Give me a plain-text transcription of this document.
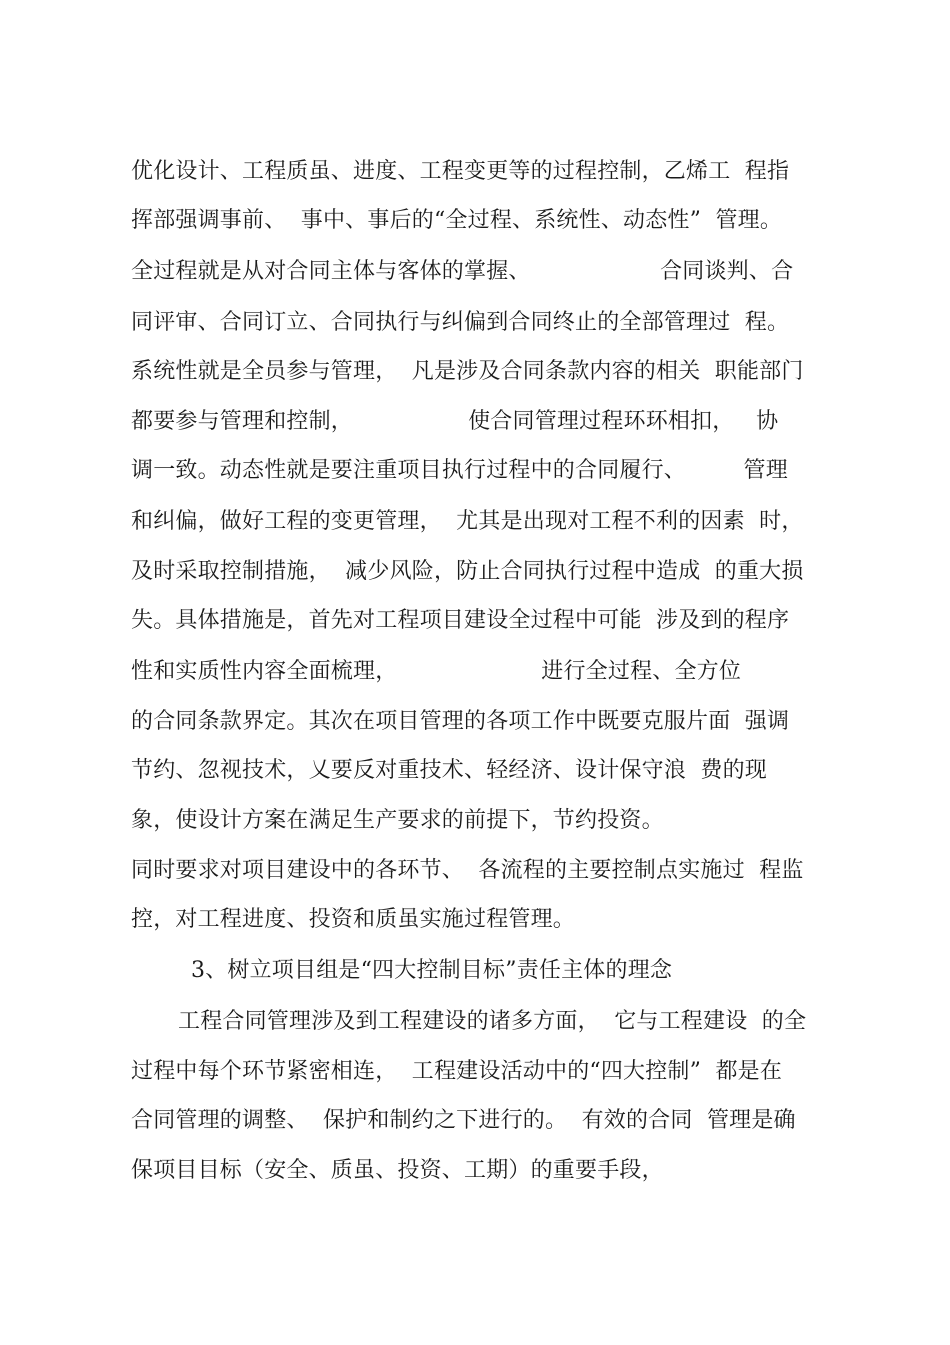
优化设计、工程质虽、进度、工程变更等的过程控制，乙烯工  程指
挥部强调事前、  事中、事后的“全过程、系统性、动态性”  管理。
全过程就是从对合同主体与客体的掌握、                  合同谈判、合
同评审、合同订立、合同执行与纠偏到合同终止的全部管理过  程。
系统性就是全员参与管理，  凡是涉及合同条款内容的相关  职能部门
都要参与管理和控制，                使合同管理过程环环相扣，   协
调一致。动态性就是要注重项目执行过程中的合同履行、        管理
和纠偏，做好工程的变更管理，  尤其是出现对工程不利的因素  时，
及时采取控制措施，  减少风险，防止合同执行过程中造成  的重大损
失。具体措施是，首先对工程项目建设全过程中可能  涉及到的程序
性和实质性内容全面梳理，                    进行全过程、全方位
的合同条款界定。其次在项目管理的各项工作中既要克服片面  强调
节约、忽视技术，乂要反对重技术、轻经济、设计保守浪  费的现
象，使设计方案在满足生产要求的前提下，节约投资。
同时要求对项目建设中的各环节、  各流程的主要控制点实施过  程监
控，对工程进度、投资和质虽实施过程管理。
3、树立项目组是“四大控制目标”责任主体的理念
工程合同管理涉及到工程建设的诸多方面，  它与工程建设  的全
过程中每个环节紧密相连，  工程建设活动中的“四大控制”  都是在
合同管理的调整、  保护和制约之下进行的。  有效的合同  管理是确
保项目目标（安全、质虽、投资、工期）的重要手段，
